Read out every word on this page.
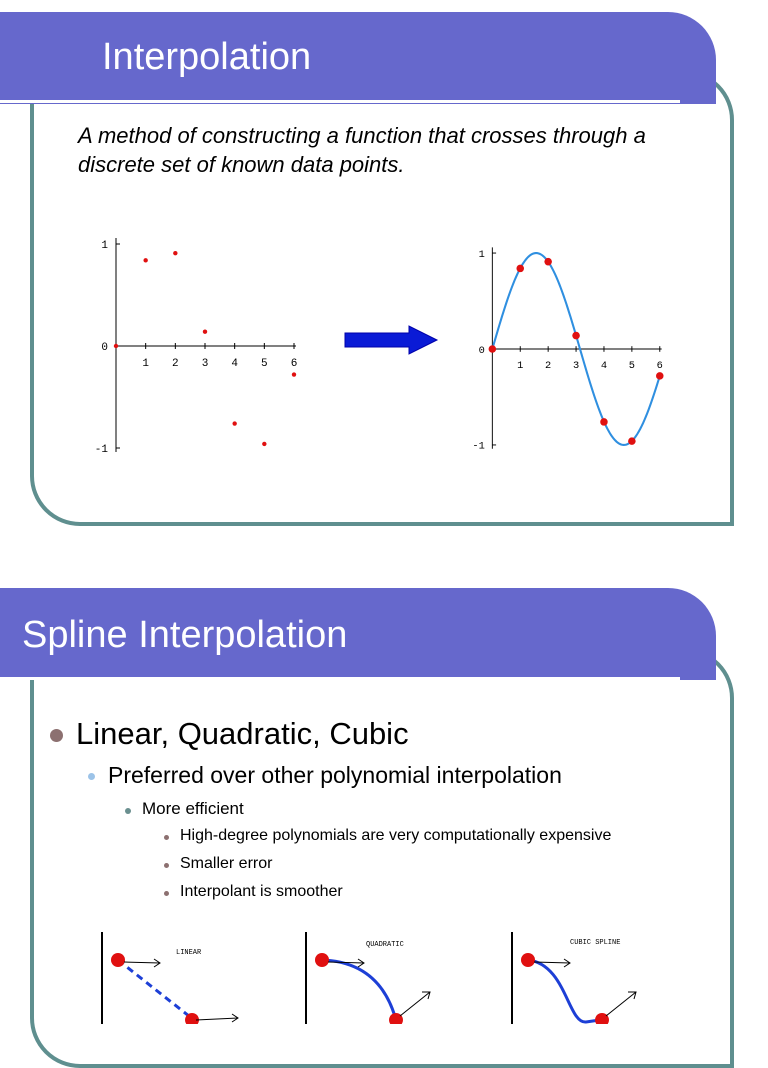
Interpolation
A method of constructing a function that crosses through a discrete set of known data points.
1
0
-1
1 2 3 4 5 6
1
0
-1
1 2 3 4 5 6
Spline Interpolation
Linear, Quadratic, Cubic
Preferred over other polynomial interpolation
More efficient
High-degree polynomials are very computationally expensive
Smaller error
Interpolant is smoother
LINEAR
QUADRATIC	CUBIC SPLINE
